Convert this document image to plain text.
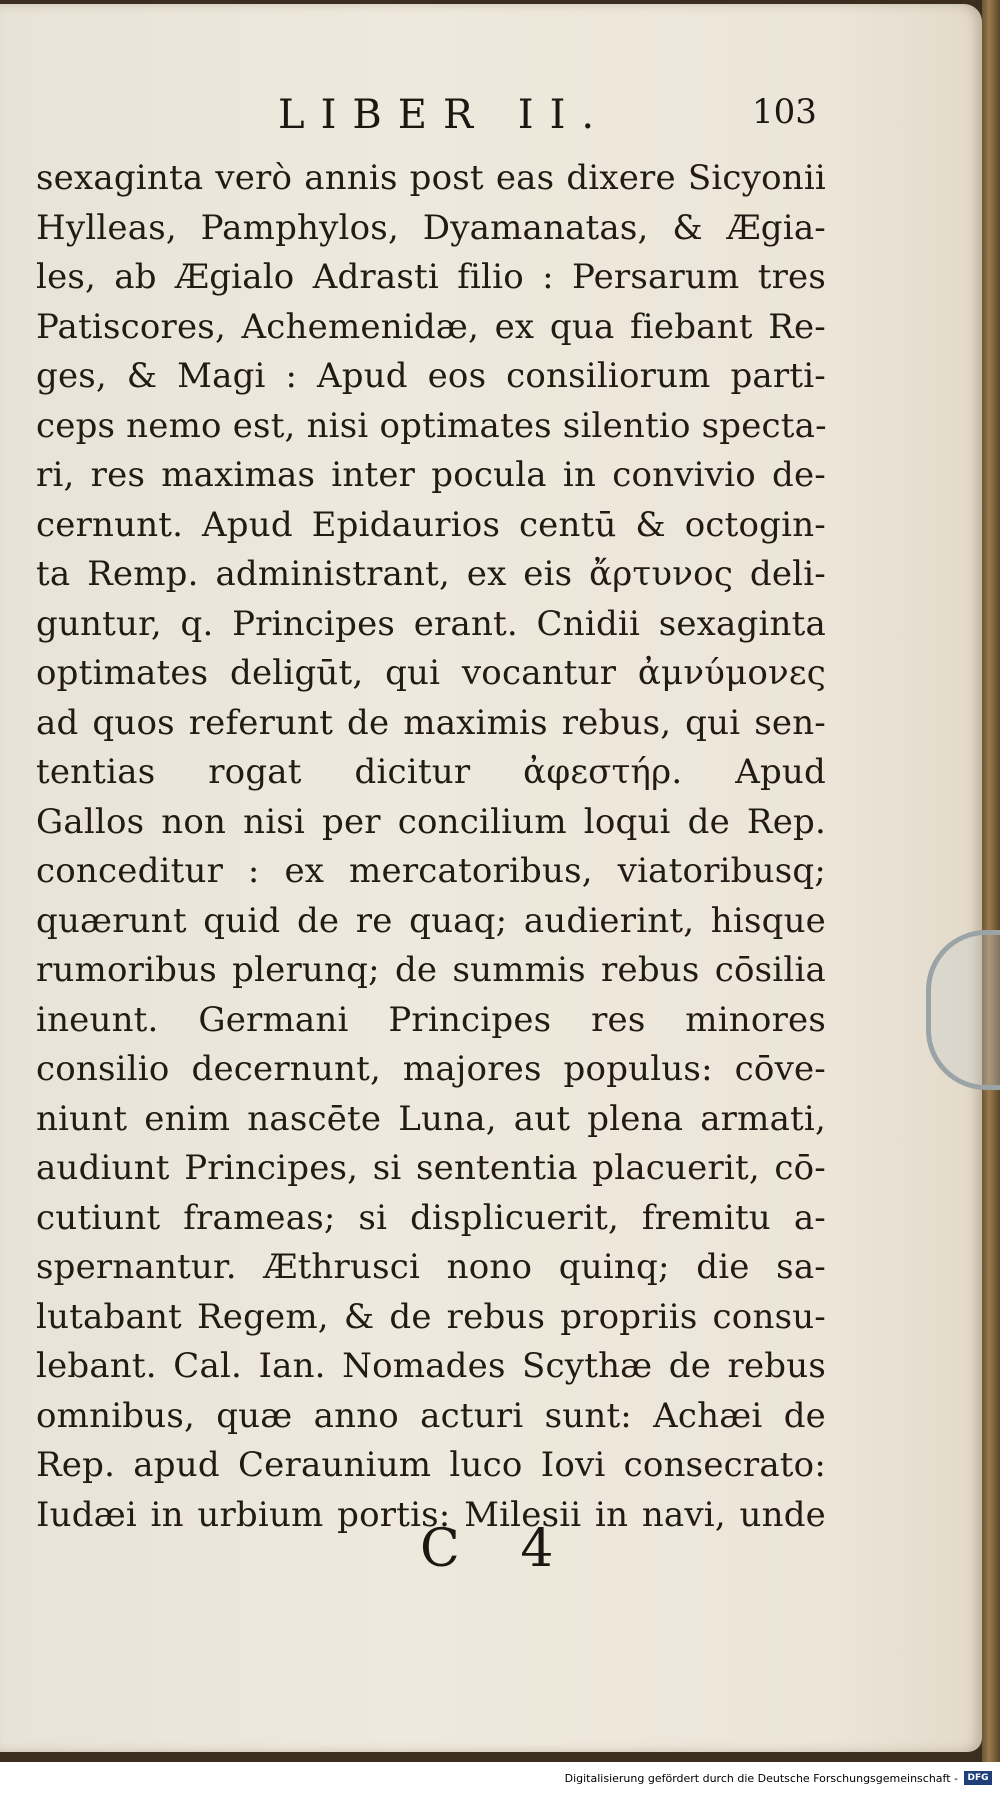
LIBER II.	103
sexaginta verò annis post eas dixere Sicyonii
Hylleas, Pamphylos, Dyamanatas, & Ægia-
les, ab Ægialo Adrasti filio : Persarum tres
Patiscores, Achemenidæ, ex qua fiebant Re-
ges, & Magi : Apud eos consiliorum parti-
ceps nemo est, nisi optimates silentio specta-
ri, res maximas inter pocula in convivio de-
cernunt. Apud Epidaurios centū & octogin-
ta Remp. administrant, ex eis ἄρτυνος deli-
guntur, q. Principes erant. Cnidii sexaginta
optimates deligūt, qui vocantur ἀμνύμονες
ad quos referunt de maximis rebus, qui sen-
tentias rogat dicitur ἀφεστήρ. Apud
Gallos non nisi per concilium loqui de Rep.
conceditur : ex mercatoribus, viatoribusq;
quærunt quid de re quaq; audierint, hisque
rumoribus plerunq; de summis rebus cōsilia
ineunt. Germani Principes res minores
consilio decernunt, majores populus: cōve-
niunt enim nascēte Luna, aut plena armati,
audiunt Principes, si sententia placuerit, cō-
cutiunt frameas; si displicuerit, fremitu a-
spernantur. Æthrusci nono quinq; die sa-
lutabant Regem, & de rebus propriis consu-
lebant. Cal. Ian. Nomades Scythæ de rebus
omnibus, quæ anno acturi sunt: Achæi de
Rep. apud Ceraunium luco Iovi consecrato:
Iudæi in urbium portis: Milesii in navi, unde
C 4
Digitalisierung gefördert durch die Deutsche Forschungsgemeinschaft -	DFG
